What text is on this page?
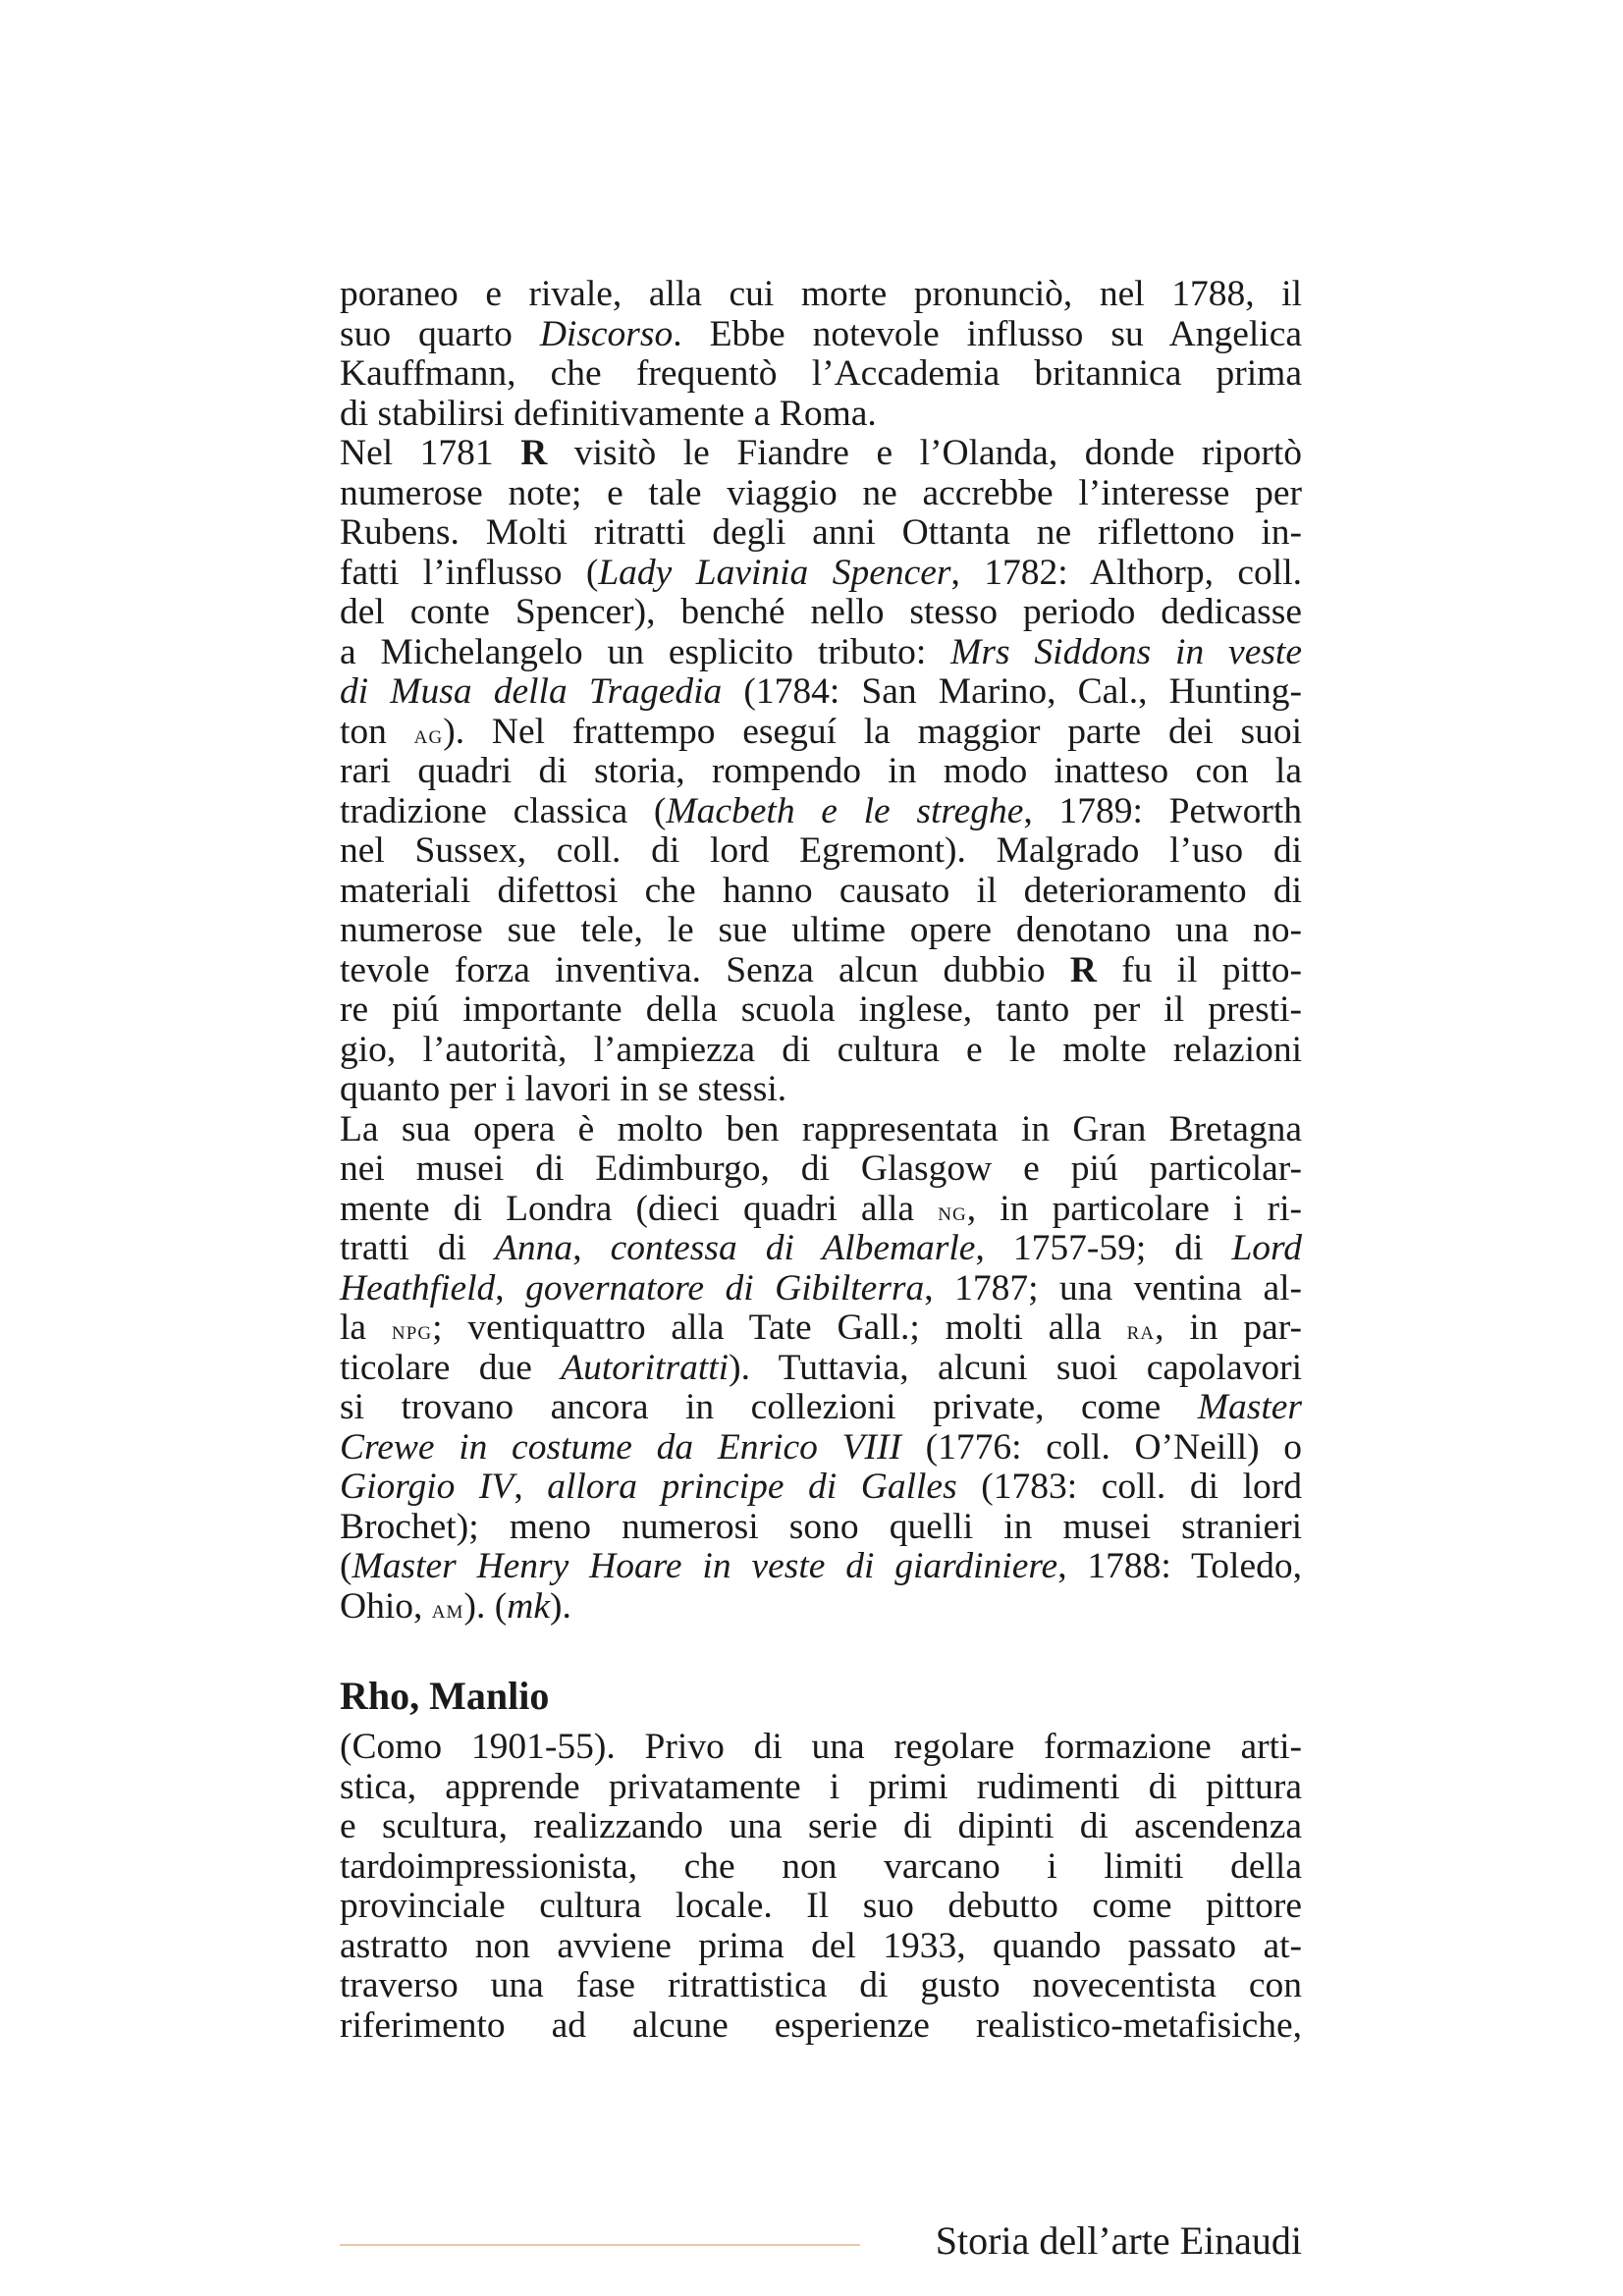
poraneo e rivale, alla cui morte pronunciò, nel 1788, il
suo quarto Discorso. Ebbe notevole influsso su Angelica
Kauffmann, che frequentò l’Accademia britannica prima
di stabilirsi definitivamente a Roma.
Nel 1781 R visitò le Fiandre e l’Olanda, donde riportò
numerose note; e tale viaggio ne accrebbe l’interesse per
Rubens. Molti ritratti degli anni Ottanta ne riflettono in-
fatti l’influsso (Lady Lavinia Spencer, 1782: Althorp, coll.
del conte Spencer), benché nello stesso periodo dedicasse
a Michelangelo un esplicito tributo: Mrs Siddons in veste
di Musa della Tragedia (1784: San Marino, Cal., Hunting-
ton ag). Nel frattempo eseguí la maggior parte dei suoi
rari quadri di storia, rompendo in modo inatteso con la
tradizione classica (Macbeth e le streghe, 1789: Petworth
nel Sussex, coll. di lord Egremont). Malgrado l’uso di
materiali difettosi che hanno causato il deterioramento di
numerose sue tele, le sue ultime opere denotano una no-
tevole forza inventiva. Senza alcun dubbio R fu il pitto-
re piú importante della scuola inglese, tanto per il presti-
gio, l’autorità, l’ampiezza di cultura e le molte relazioni
quanto per i lavori in se stessi.
La sua opera è molto ben rappresentata in Gran Bretagna
nei musei di Edimburgo, di Glasgow e piú particolar-
mente di Londra (dieci quadri alla ng, in particolare i ri-
tratti di Anna, contessa di Albemarle, 1757-59; di Lord
Heathfield, governatore di Gibilterra, 1787; una ventina al-
la npg; ventiquattro alla Tate Gall.; molti alla ra, in par-
ticolare due Autoritratti). Tuttavia, alcuni suoi capolavori
si trovano ancora in collezioni private, come Master
Crewe in costume da Enrico VIII (1776: coll. O’Neill) o
Giorgio IV, allora principe di Galles (1783: coll. di lord
Brochet); meno numerosi sono quelli in musei stranieri
(Master Henry Hoare in veste di giardiniere, 1788: Toledo,
Ohio, am). (mk).
Rho, Manlio
(Como 1901-55). Privo di una regolare formazione arti-
stica, apprende privatamente i primi rudimenti di pittura
e scultura, realizzando una serie di dipinti di ascendenza
tardoimpressionista, che non varcano i limiti della
provinciale cultura locale. Il suo debutto come pittore
astratto non avviene prima del 1933, quando passato at-
traverso una fase ritrattistica di gusto novecentista con
riferimento ad alcune esperienze realistico-metafisiche,
Storia dell’arte Einaudi
